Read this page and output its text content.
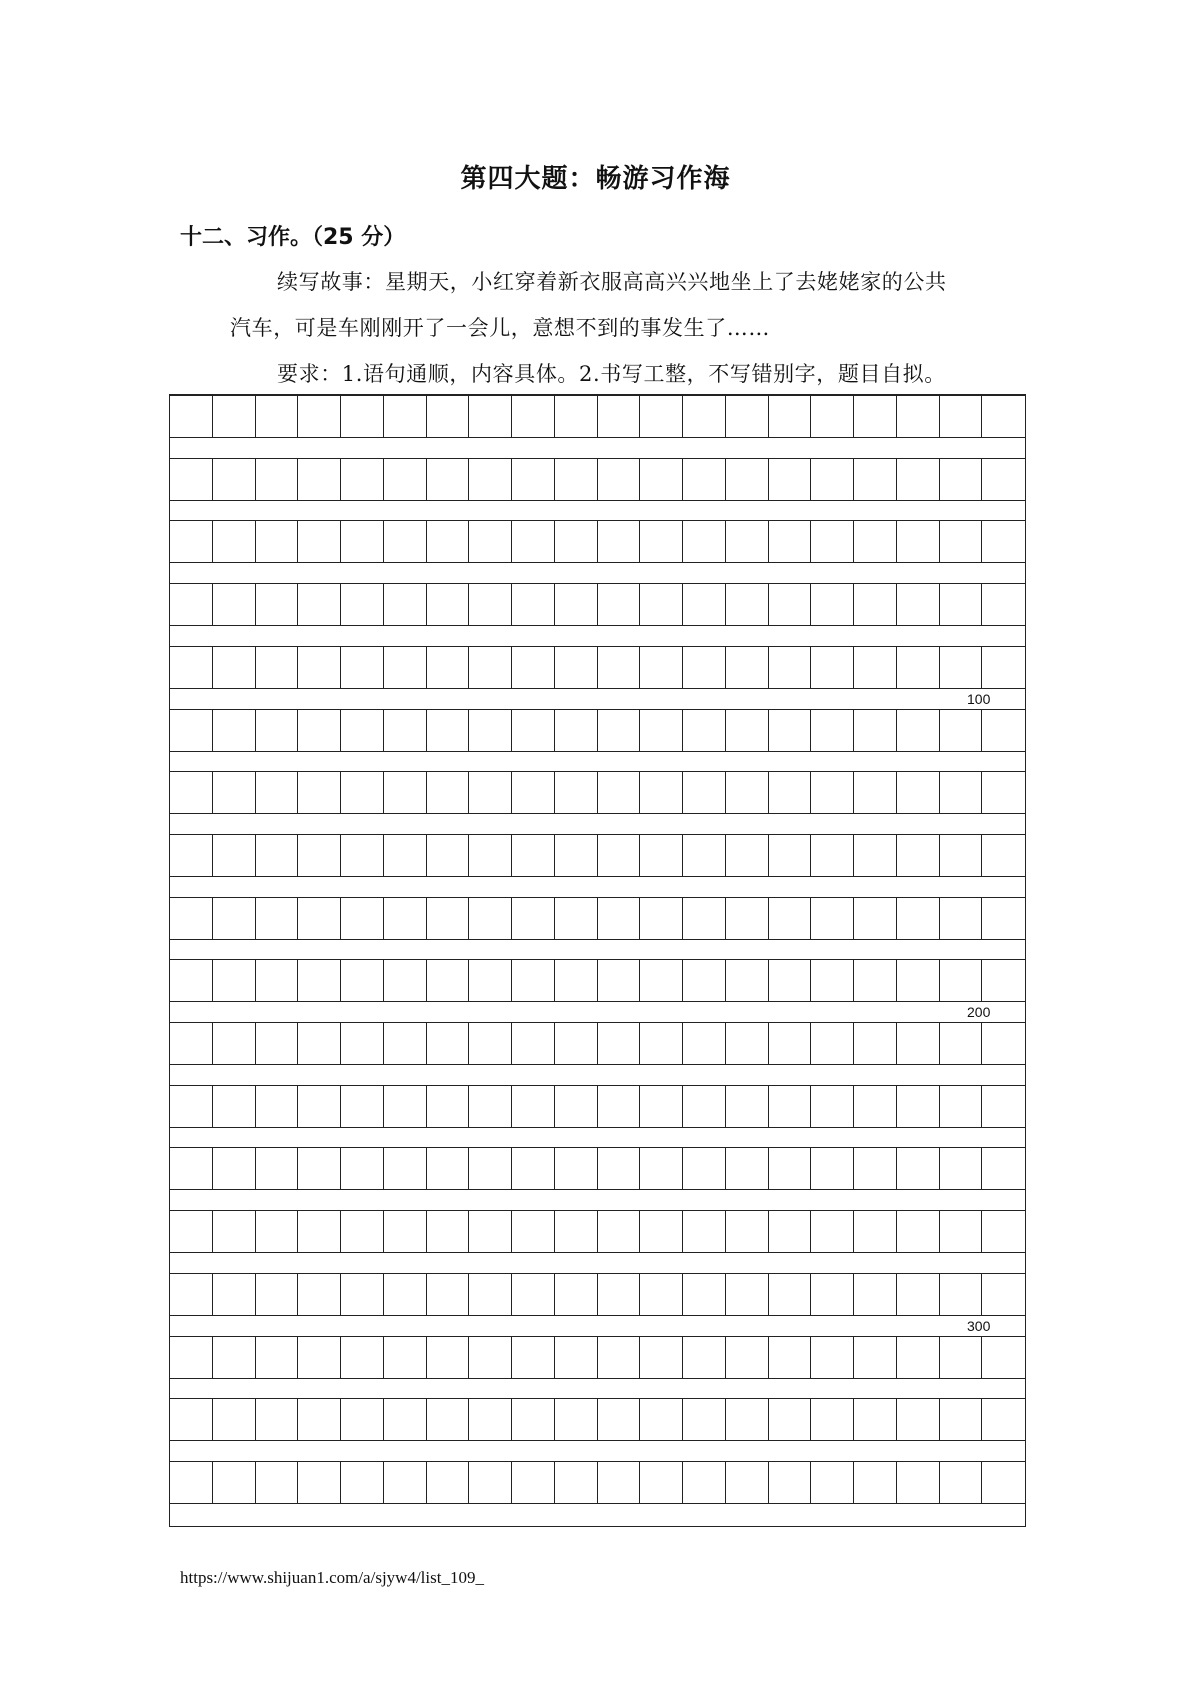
第四大题：畅游习作海
十二、习作。（25 分）
续写故事：星期天，小红穿着新衣服高高兴兴地坐上了去姥姥家的公共
汽车，可是车刚刚开了一会儿，意想不到的事发生了……
要求：1.语句通顺，内容具体。2.书写工整，不写错别字，题目自拟。
100
200
300
https://www.shijuan1.com/a/sjyw4/list_109_
